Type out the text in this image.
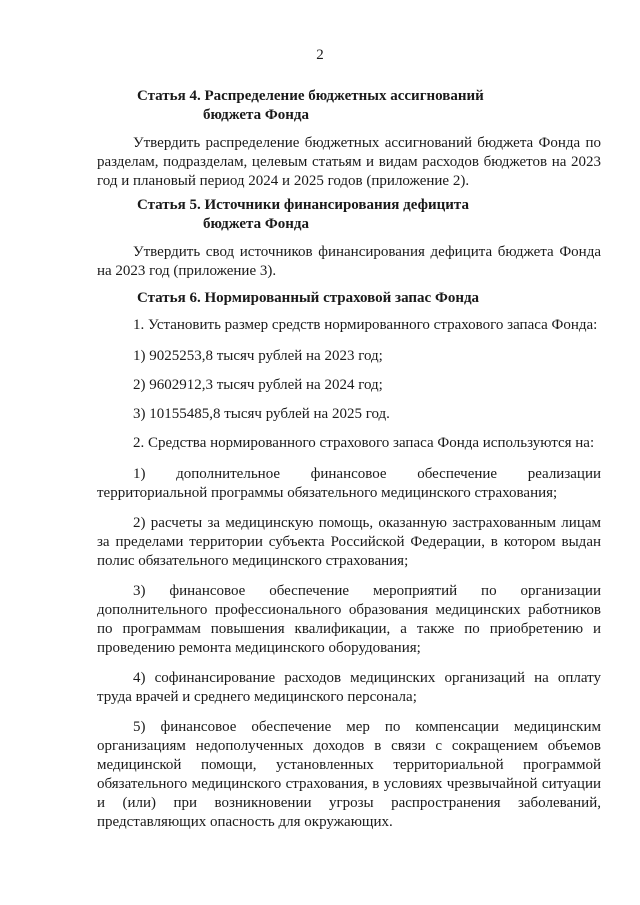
2
Статья 4. Распределение бюджетных ассигнований
бюджета Фонда

Утвердить распределение бюджетных ассигнований бюджета Фонда по разделам, подразделам, целевым статьям и видам расходов бюджетов на 2023 год и плановый период 2024 и 2025 годов (приложение 2).

Статья 5. Источники финансирования дефицита
бюджета Фонда

Утвердить свод источников финансирования дефицита бюджета Фонда на 2023 год (приложение 3).

Статья 6. Нормированный страховой запас Фонда

1. Установить размер средств нормированного страхового запаса Фонда:

1) 9025253,8 тысяч рублей на 2023 год;

2) 9602912,3 тысяч рублей на 2024 год;

3) 10155485,8 тысяч рублей на 2025 год.

2. Средства нормированного страхового запаса Фонда используются на:

1) дополнительное финансовое обеспечение реализации территориальной программы обязательного медицинского страхования;

2) расчеты за медицинскую помощь, оказанную застрахованным лицам за пределами территории субъекта Российской Федерации, в котором выдан полис обязательного медицинского страхования;

3) финансовое обеспечение мероприятий по организации дополнительного профессионального образования медицинских работников по программам повышения квалификации, а также по приобретению и проведению ремонта медицинского оборудования;

4) софинансирование расходов медицинских организаций на оплату труда врачей и среднего медицинского персонала;

5) финансовое обеспечение мер по компенсации медицинским организациям недополученных доходов в связи с сокращением объемов медицинской помощи, установленных территориальной программой обязательного медицинского страхования, в условиях чрезвычайной ситуации и (или) при возникновении угрозы распространения заболеваний, представляющих опасность для окружающих.
